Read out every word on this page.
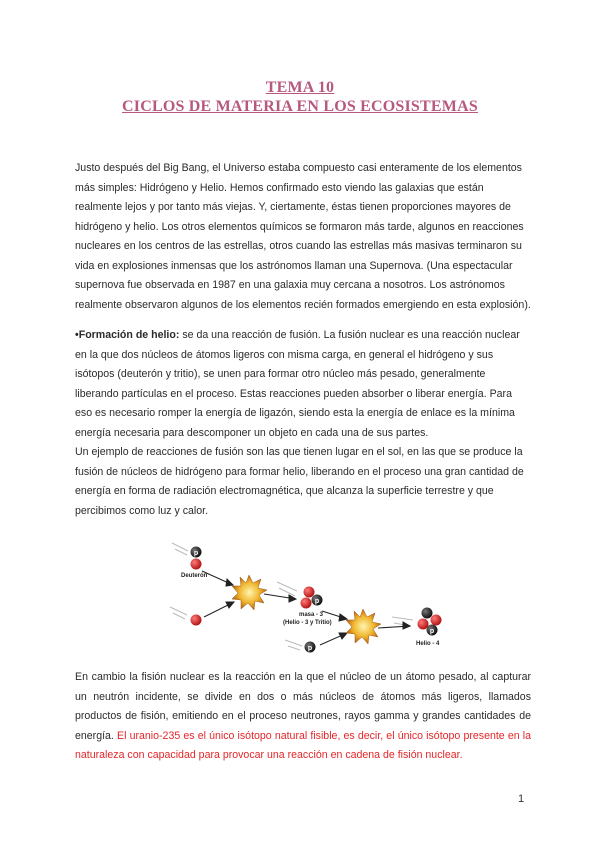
TEMA 10
CICLOS DE MATERIA EN LOS ECOSISTEMAS
Justo después del Big Bang, el Universo estaba compuesto casi enteramente de los elementos más simples: Hidrógeno y Helio. Hemos confirmado esto viendo las galaxias que están realmente lejos y por tanto más viejas. Y, ciertamente, éstas tienen proporciones mayores de hidrógeno y helio. Los otros elementos químicos se formaron más tarde, algunos en reacciones nucleares en los centros de las estrellas, otros cuando las estrellas más masivas terminaron su vida en explosiones inmensas que los astrónomos llaman una Supernova. (Una espectacular supernova fue observada en 1987 en una galaxia muy cercana a nosotros. Los astrónomos realmente observaron algunos de los elementos recién formados emergiendo en esta explosión).
•Formación de helio: se da una reacción de fusión. La fusión nuclear es una reacción nuclear en la que dos núcleos de átomos ligeros con misma carga, en general el hidrógeno y sus isótopos (deuterón y tritio), se unen para formar otro núcleo más pesado, generalmente liberando partículas en el proceso. Estas reacciones pueden absorber o liberar energía. Para eso es necesario romper la energía de ligazón, siendo esta la energía de enlace es la mínima energía necesaria para descomponer un objeto en cada una de sus partes.
Un ejemplo de reacciones de fusión son las que tienen lugar en el sol, en las que se produce la fusión de núcleos de hidrógeno para formar helio, liberando en el proceso una gran cantidad de energía en forma de radiación electromagnética, que alcanza la superficie terrestre y que percibimos como luz y calor.
p
Deuterón
p
masa - 3
(Helio - 3 y Tritio)
p
p
Helio - 4
En cambio la fisión nuclear es la reacción en la que el núcleo de un átomo pesado, al capturar un neutrón incidente, se divide en dos o más núcleos de átomos más ligeros, llamados productos de fisión, emitiendo en el proceso neutrones, rayos gamma y grandes cantidades de energía. El uranio-235 es el único isótopo natural fisible, es decir, el único isótopo presente en la naturaleza con capacidad para provocar una reacción en cadena de fisión nuclear.
1
